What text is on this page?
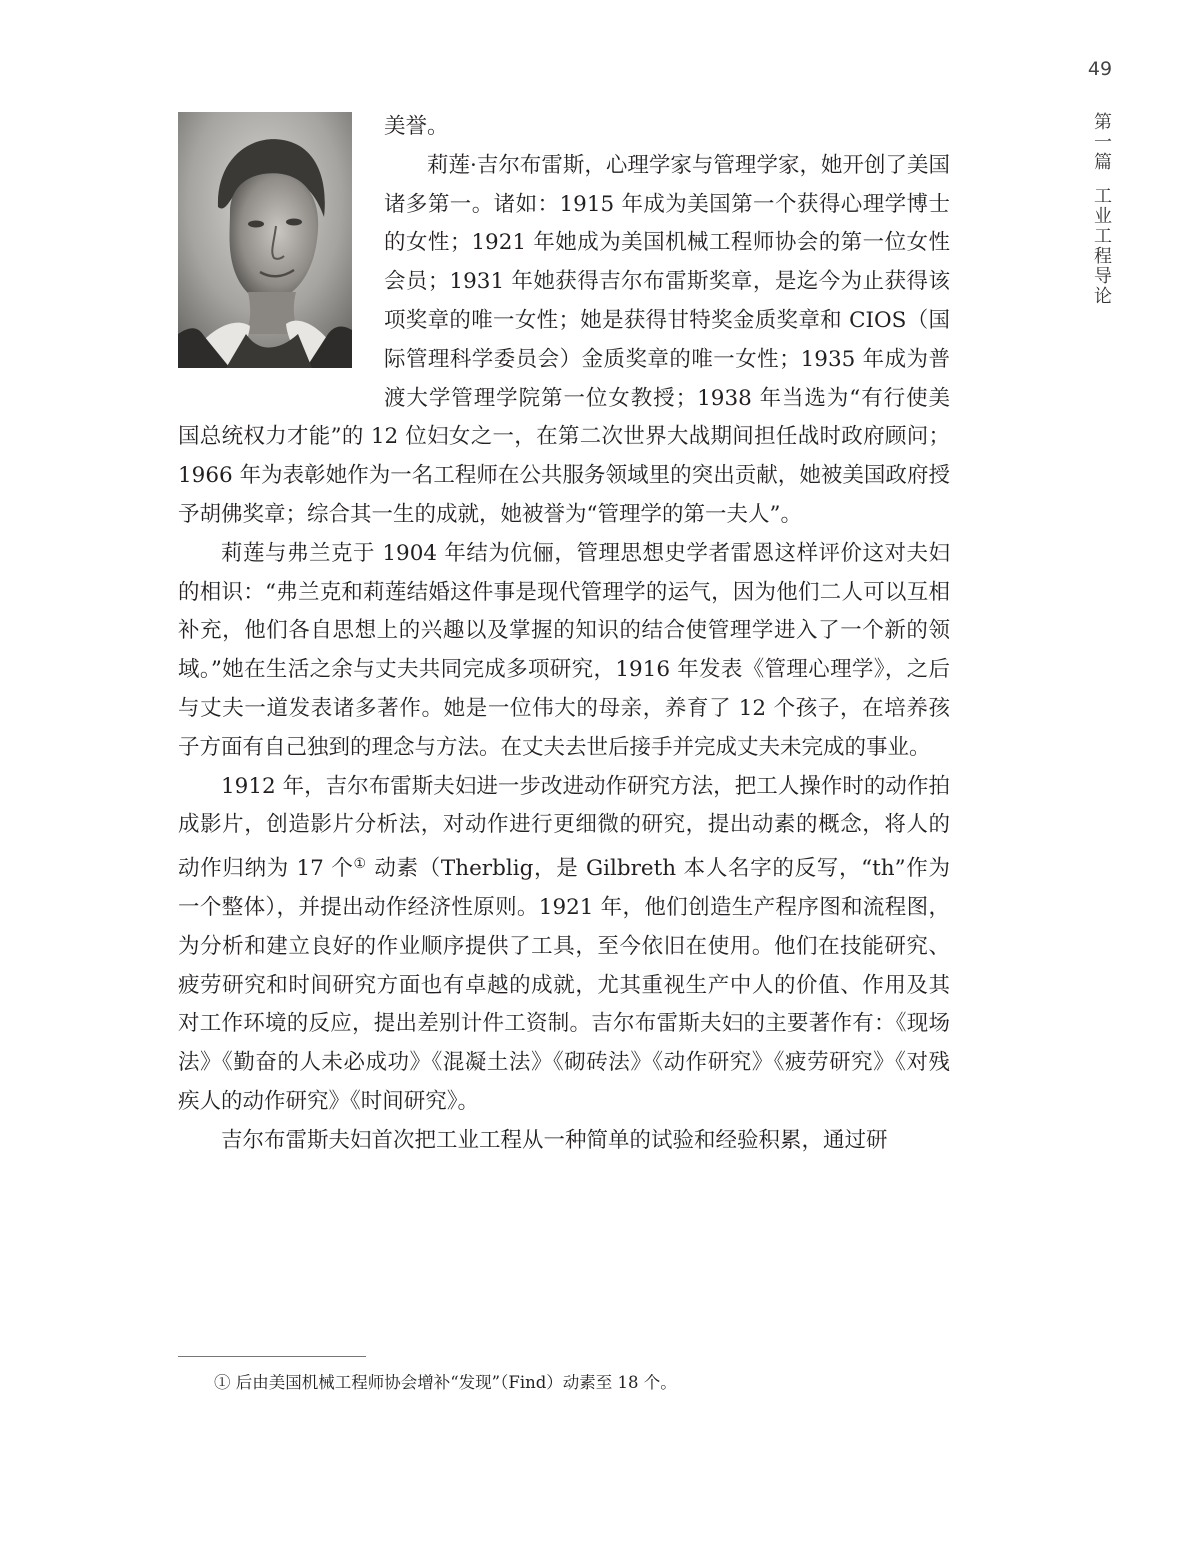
49
第一篇工业工程导论

美誉。

莉莲·吉尔布雷斯，心理学家与管理学家，她开创了美国诸多第一。诸如：1915 年成为美国第一个获得心理学博士的女性；1921 年她成为美国机械工程师协会的第一位女性会员；1931 年她获得吉尔布雷斯奖章，是迄今为止获得该项奖章的唯一女性；她是获得甘特奖金质奖章和 CIOS（国际管理科学委员会）金质奖章的唯一女性；1935 年成为普渡大学管理学院第一位女教授；1938 年当选为“有行使美国总统权力才能”的 12 位妇女之一，在第二次世界大战期间担任战时政府顾问；1966 年为表彰她作为一名工程师在公共服务领域里的突出贡献，她被美国政府授予胡佛奖章；综合其一生的成就，她被誉为“管理学的第一夫人”。

莉莲与弗兰克于 1904 年结为伉俪，管理思想史学者雷恩这样评价这对夫妇的相识：“弗兰克和莉莲结婚这件事是现代管理学的运气，因为他们二人可以互相补充，他们各自思想上的兴趣以及掌握的知识的结合使管理学进入了一个新的领域。”她在生活之余与丈夫共同完成多项研究，1916 年发表《管理心理学》，之后与丈夫一道发表诸多著作。她是一位伟大的母亲，养育了 12 个孩子，在培养孩子方面有自己独到的理念与方法。在丈夫去世后接手并完成丈夫未完成的事业。

1912 年，吉尔布雷斯夫妇进一步改进动作研究方法，把工人操作时的动作拍成影片，创造影片分析法，对动作进行更细微的研究，提出动素的概念，将人的动作归纳为 17 个① 动素（Therblig，是 Gilbreth 本人名字的反写，“th”作为一个整体），并提出动作经济性原则。1921 年，他们创造生产程序图和流程图，为分析和建立良好的作业顺序提供了工具，至今依旧在使用。他们在技能研究、疲劳研究和时间研究方面也有卓越的成就，尤其重视生产中人的价值、作用及其对工作环境的反应，提出差别计件工资制。吉尔布雷斯夫妇的主要著作有：《现场法》《勤奋的人未必成功》《混凝土法》《砌砖法》《动作研究》《疲劳研究》《对残疾人的动作研究》《时间研究》。

吉尔布雷斯夫妇首次把工业工程从一种简单的试验和经验积累，通过研

① 后由美国机械工程师协会增补“发现”（Find）动素至 18 个。
